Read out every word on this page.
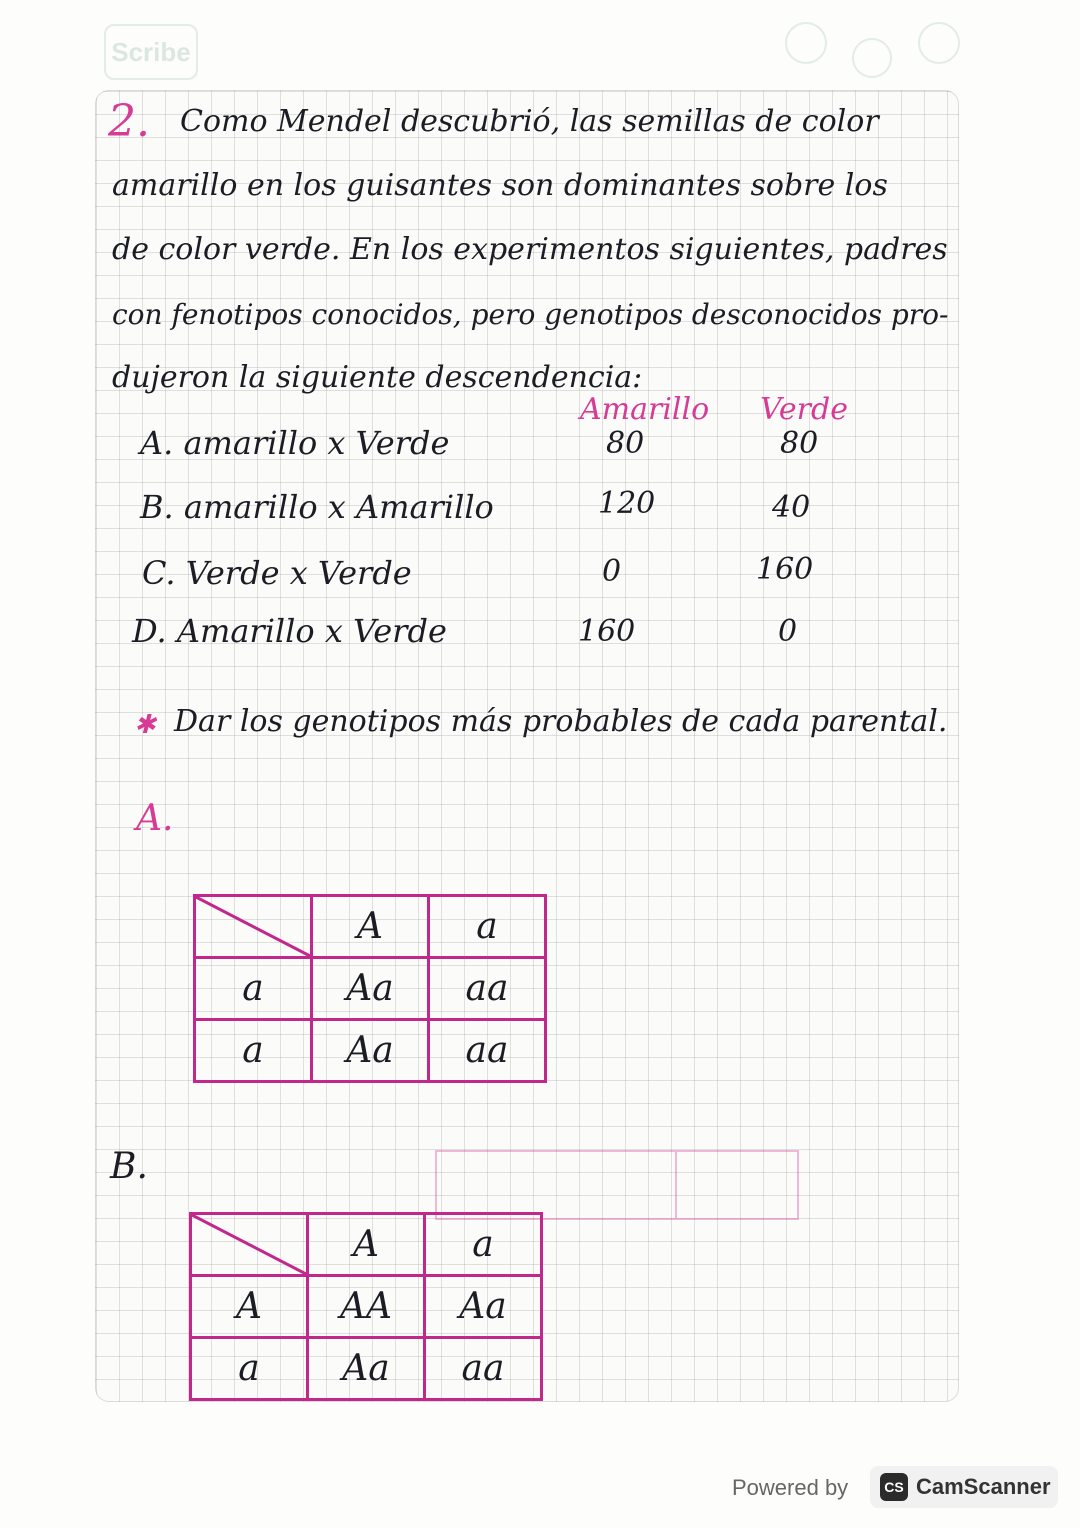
Scribe
2. Como Mendel descubrió, las semillas de color
amarillo en los guisantes son dominantes sobre los
de color verde. En los experimentos siguientes, padres
con fenotipos conocidos, pero genotipos desconocidos pro-
dujeron la siguiente descendencia:
Amarillo Verde
A. amarillo x Verde	80	80
B. amarillo x Amarillo	120	40
C. Verde x Verde	0	160
D. Amarillo x Verde	160	0
✱ Dar los genotipos más probables de cada parental.
A.
	A	a
a	Aa	aa
a	Aa	aa
B.
	A	a
A	AA	Aa
a	Aa	aa
Powered by	CS CamScanner
